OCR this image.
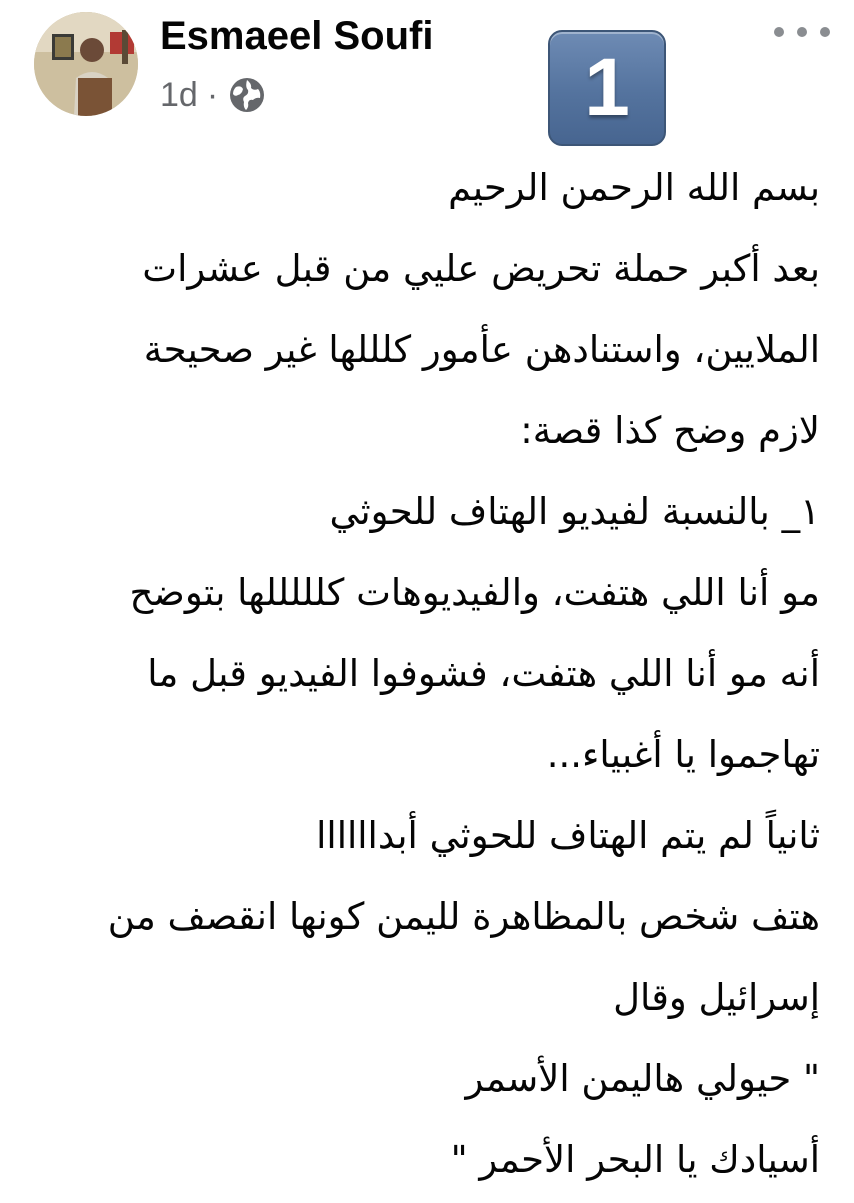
Esmaeel Soufi
1d ·	1
بسم الله الرحمن الرحيم
بعد أكبر حملة تحريض عليي من قبل عشرات
الملايين، واستنادهن عأمور كلللها غير صحيحة
لازم وضح كذا قصة:
١_ بالنسبة لفيديو الهتاف للحوثي
مو أنا اللي هتفت، والفيديوهات كلللللها بتوضح
أنه مو أنا اللي هتفت، فشوفوا الفيديو قبل ما
تهاجموا يا أغبياء...
ثانياً لم يتم الهتاف للحوثي أبداااااا
هتف شخص بالمظاهرة لليمن كونها انقصف من
إسرائيل وقال
" حيولي هاليمن الأسمر
أسيادك يا البحر الأحمر "
